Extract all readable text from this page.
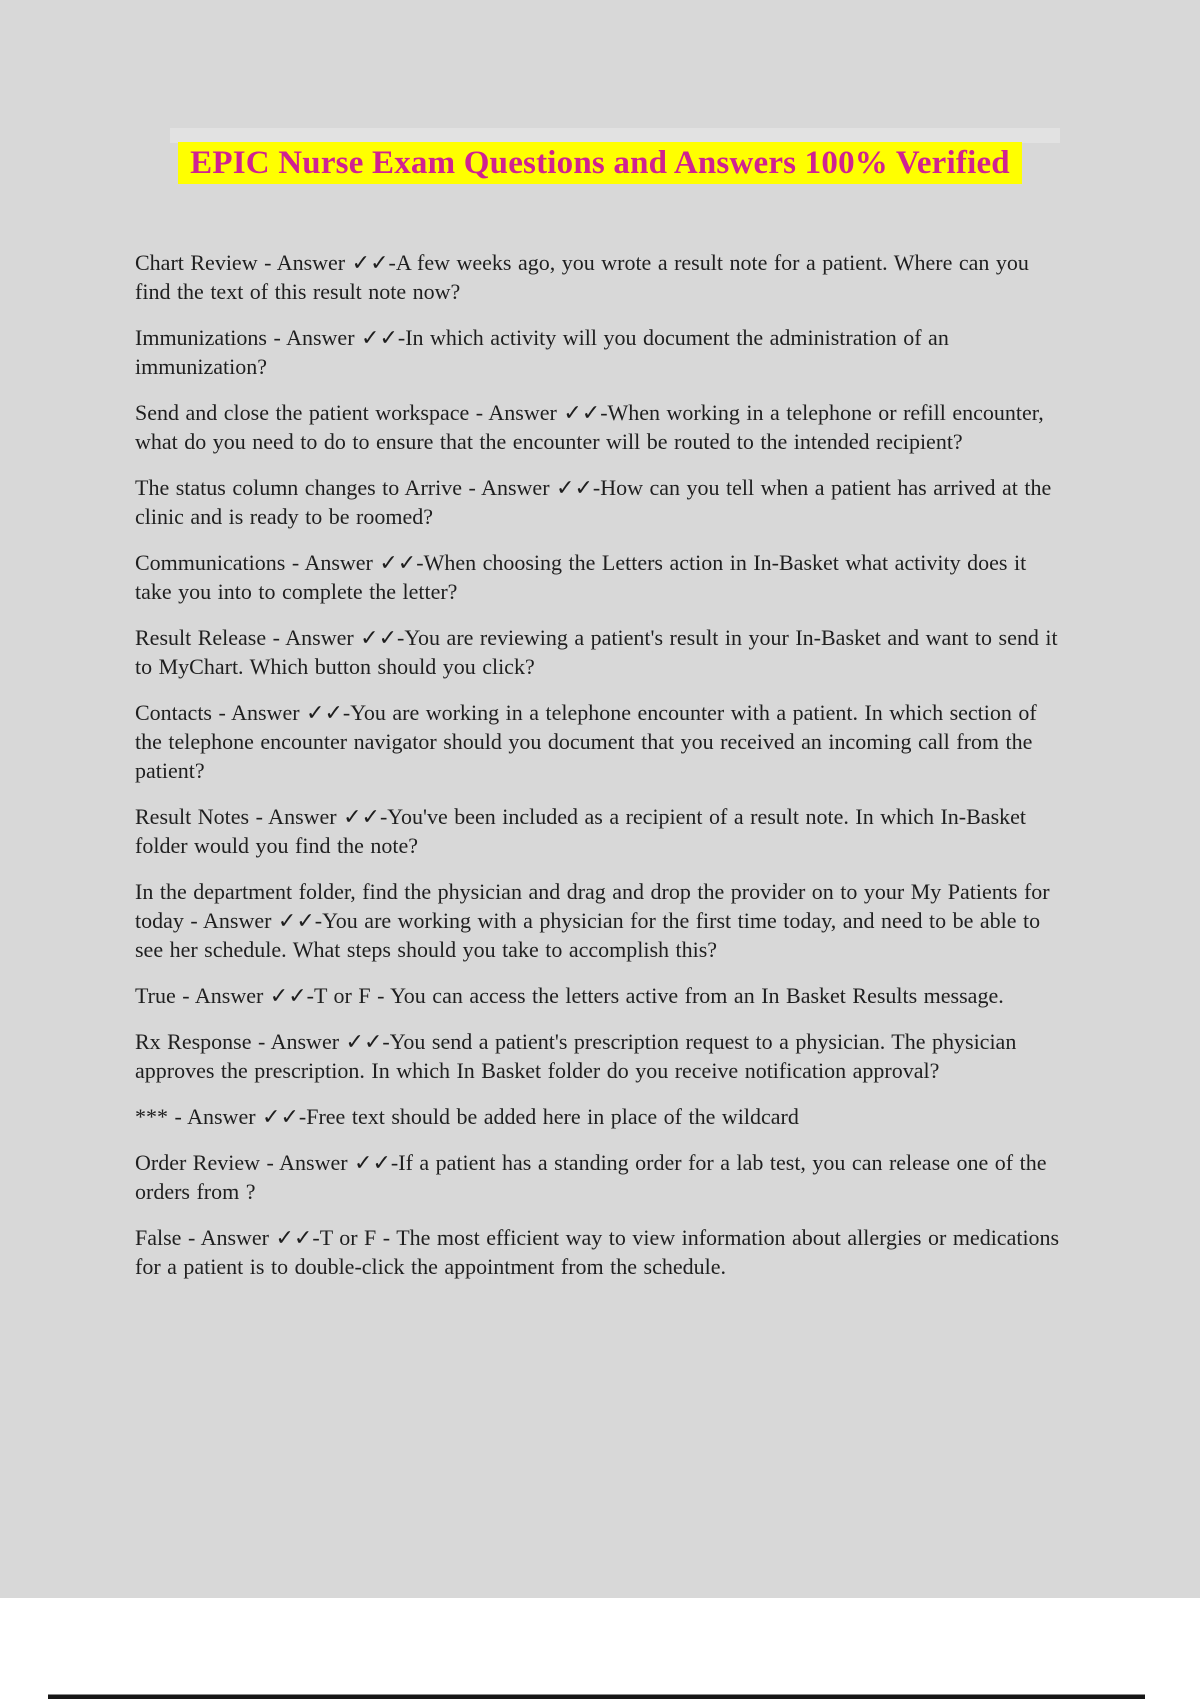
EPIC Nurse Exam Questions and Answers 100% Verified

Chart Review - Answer ✓✓-A few weeks ago, you wrote a result note for a patient. Where can you find the text of this result note now?

Immunizations - Answer ✓✓-In which activity will you document the administration of an immunization?

Send and close the patient workspace - Answer ✓✓-When working in a telephone or refill encounter, what do you need to do to ensure that the encounter will be routed to the intended recipient?

The status column changes to Arrive - Answer ✓✓-How can you tell when a patient has arrived at the clinic and is ready to be roomed?

Communications - Answer ✓✓-When choosing the Letters action in In-Basket what activity does it take you into to complete the letter?

Result Release - Answer ✓✓-You are reviewing a patient's result in your In-Basket and want to send it to MyChart. Which button should you click?

Contacts - Answer ✓✓-You are working in a telephone encounter with a patient. In which section of the telephone encounter navigator should you document that you received an incoming call from the patient?

Result Notes - Answer ✓✓-You've been included as a recipient of a result note. In which In-Basket folder would you find the note?

In the department folder, find the physician and drag and drop the provider on to your My Patients for today - Answer ✓✓-You are working with a physician for the first time today, and need to be able to see her schedule. What steps should you take to accomplish this?

True - Answer ✓✓-T or F - You can access the letters active from an In Basket Results message.

Rx Response - Answer ✓✓-You send a patient's prescription request to a physician. The physician approves the prescription. In which In Basket folder do you receive notification approval?

*** - Answer ✓✓-Free text should be added here in place of the wildcard

Order Review - Answer ✓✓-If a patient has a standing order for a lab test, you can release one of the orders from ?

False - Answer ✓✓-T or F - The most efficient way to view information about allergies or medications for a patient is to double-click the appointment from the schedule.
